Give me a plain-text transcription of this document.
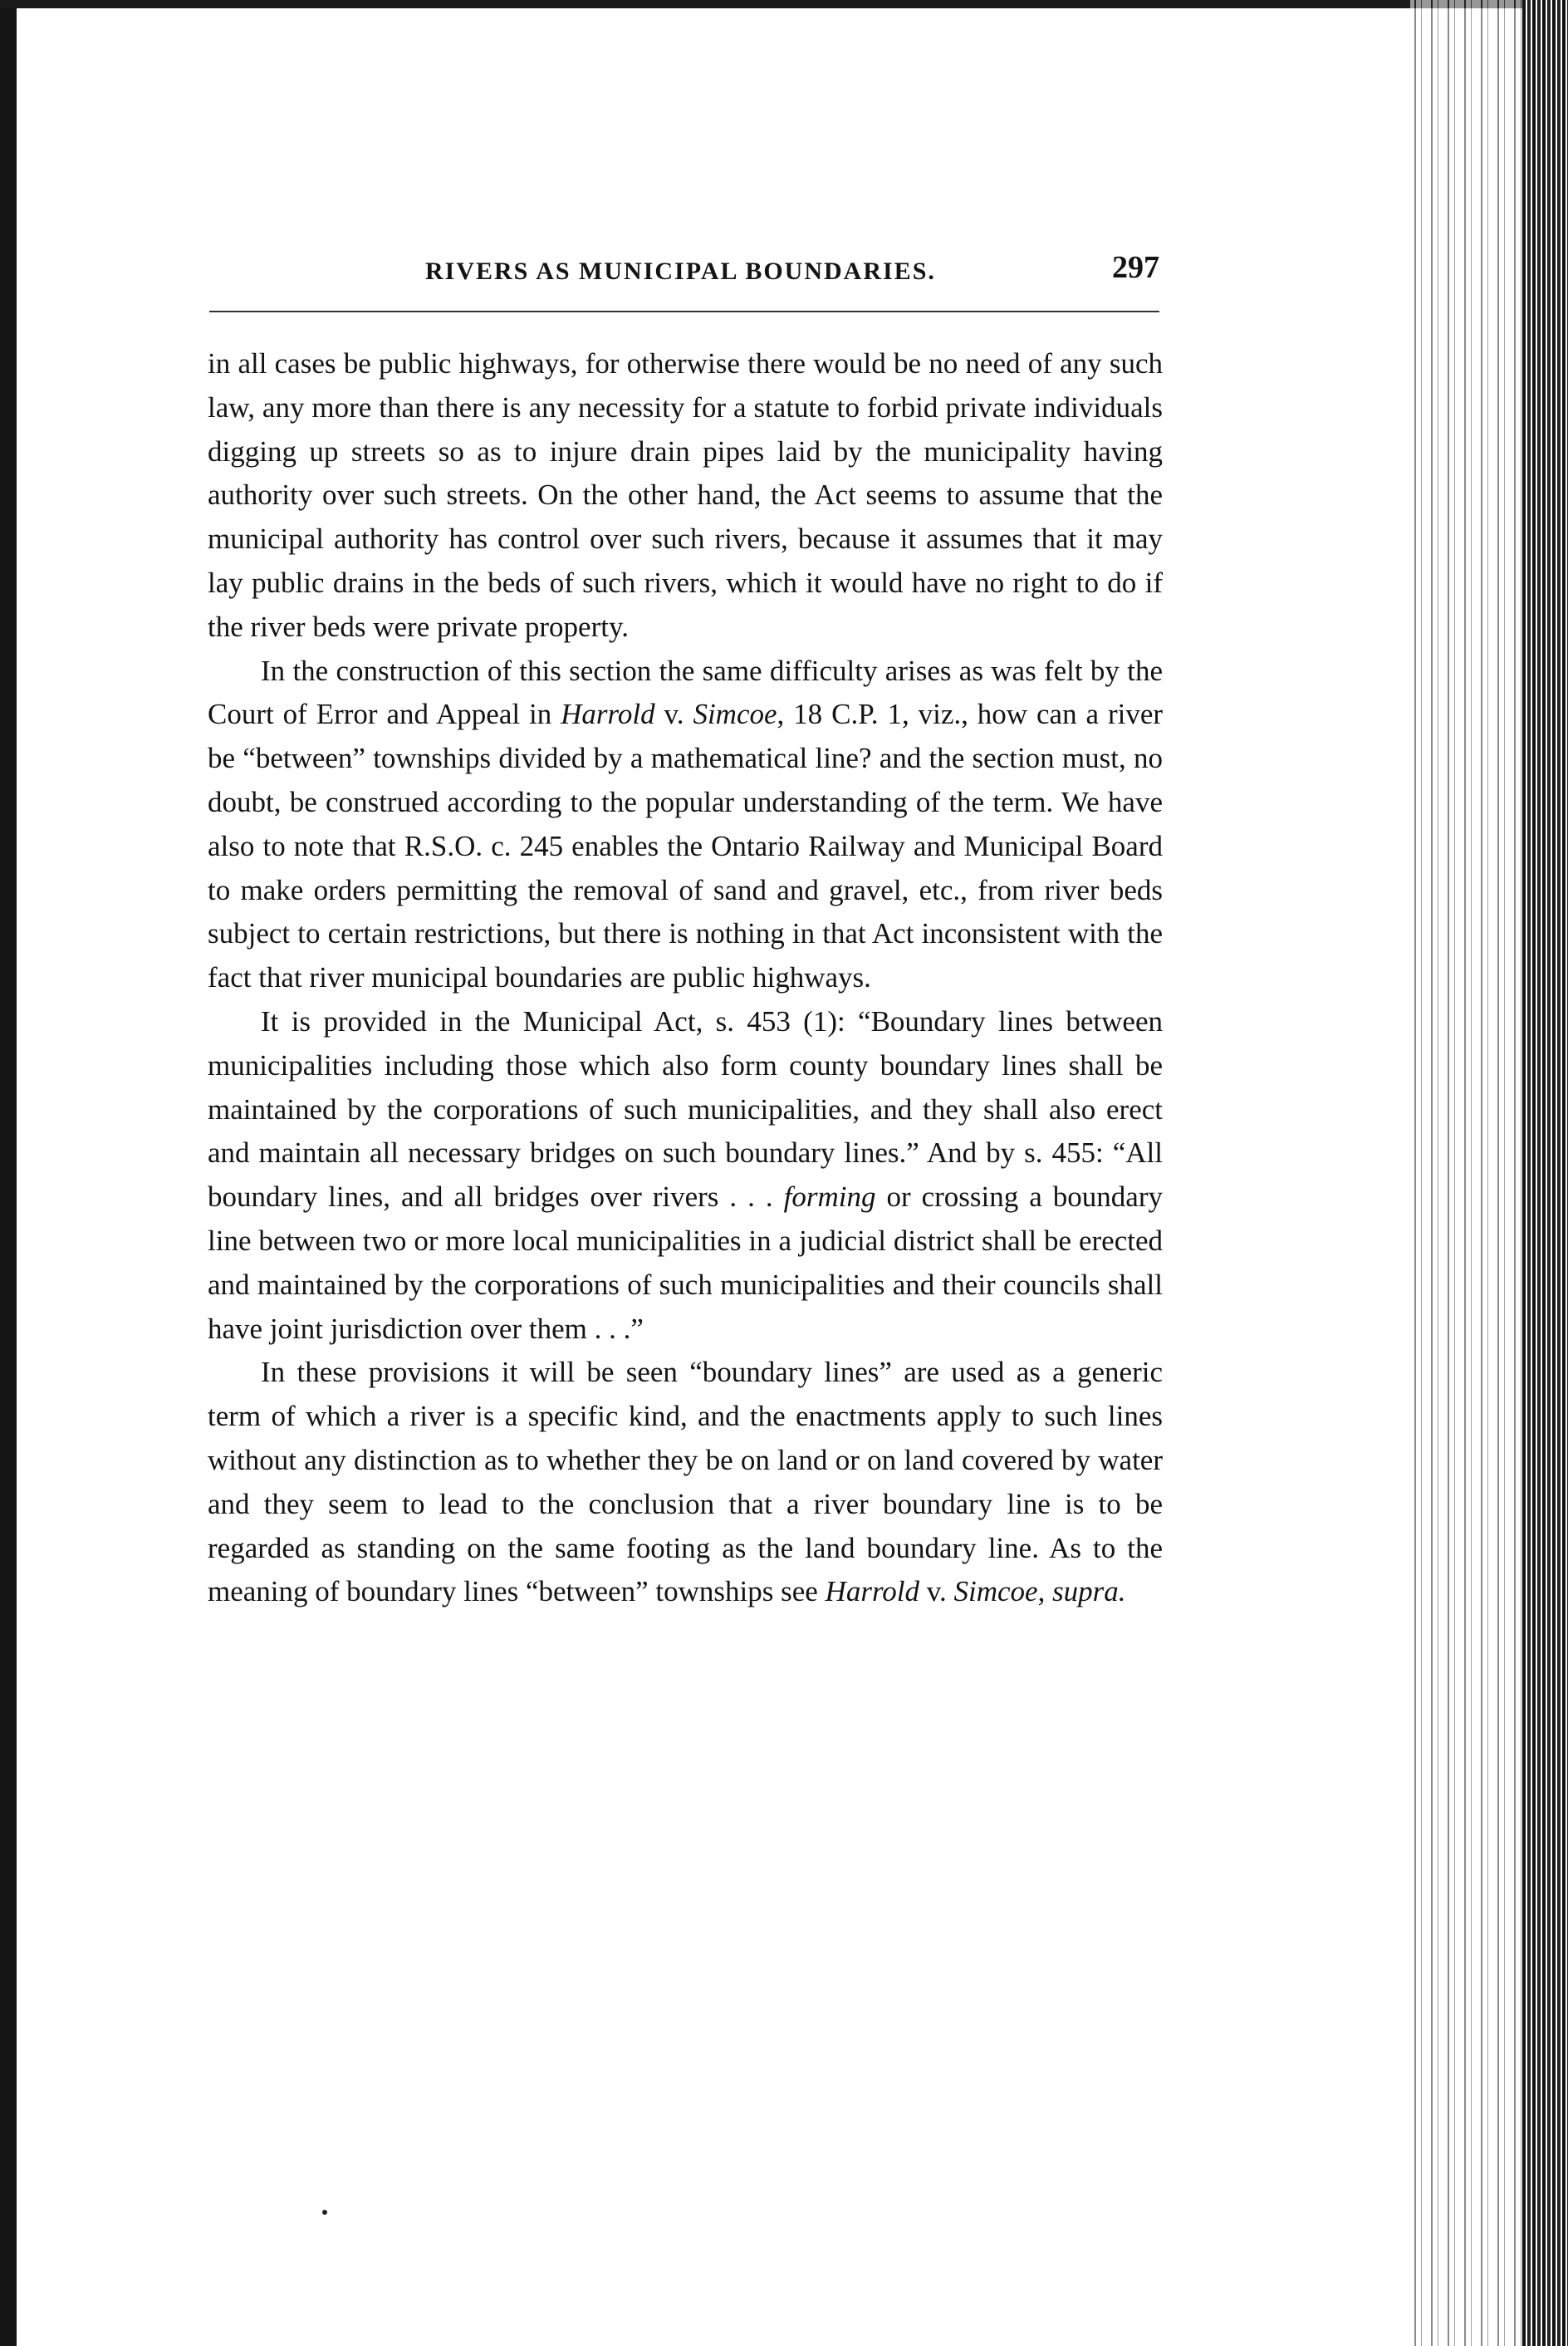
RIVERS AS MUNICIPAL BOUNDARIES.	297

in all cases be public highways, for otherwise there would be no need of any such law, any more than there is any necessity for a statute to forbid private individuals digging up streets so as to injure drain pipes laid by the municipality having authority over such streets. On the other hand, the Act seems to assume that the municipal authority has control over such rivers, because it assumes that it may lay public drains in the beds of such rivers, which it would have no right to do if the river beds were private property.

In the construction of this section the same difficulty arises as was felt by the Court of Error and Appeal in Harrold v. Simcoe, 18 C.P. 1, viz., how can a river be “between” townships divided by a mathematical line? and the section must, no doubt, be construed according to the popular understanding of the term. We have also to note that R.S.O. c. 245 enables the Ontario Railway and Municipal Board to make orders permitting the removal of sand and gravel, etc., from river beds subject to certain restrictions, but there is nothing in that Act inconsistent with the fact that river municipal boundaries are public highways.

It is provided in the Municipal Act, s. 453 (1): “Boundary lines between municipalities including those which also form county boundary lines shall be maintained by the corporations of such municipalities, and they shall also erect and maintain all necessary bridges on such boundary lines.” And by s. 455: “All boundary lines, and all bridges over rivers . . . forming or crossing a boundary line between two or more local municipalities in a judicial district shall be erected and maintained by the corporations of such municipalities and their councils shall have joint jurisdiction over them . . .”

In these provisions it will be seen “boundary lines” are used as a generic term of which a river is a specific kind, and the enactments apply to such lines without any distinction as to whether they be on land or on land covered by water and they seem to lead to the conclusion that a river boundary line is to be regarded as standing on the same footing as the land boundary line. As to the meaning of boundary lines “between” townships see Harrold v. Simcoe, supra.
